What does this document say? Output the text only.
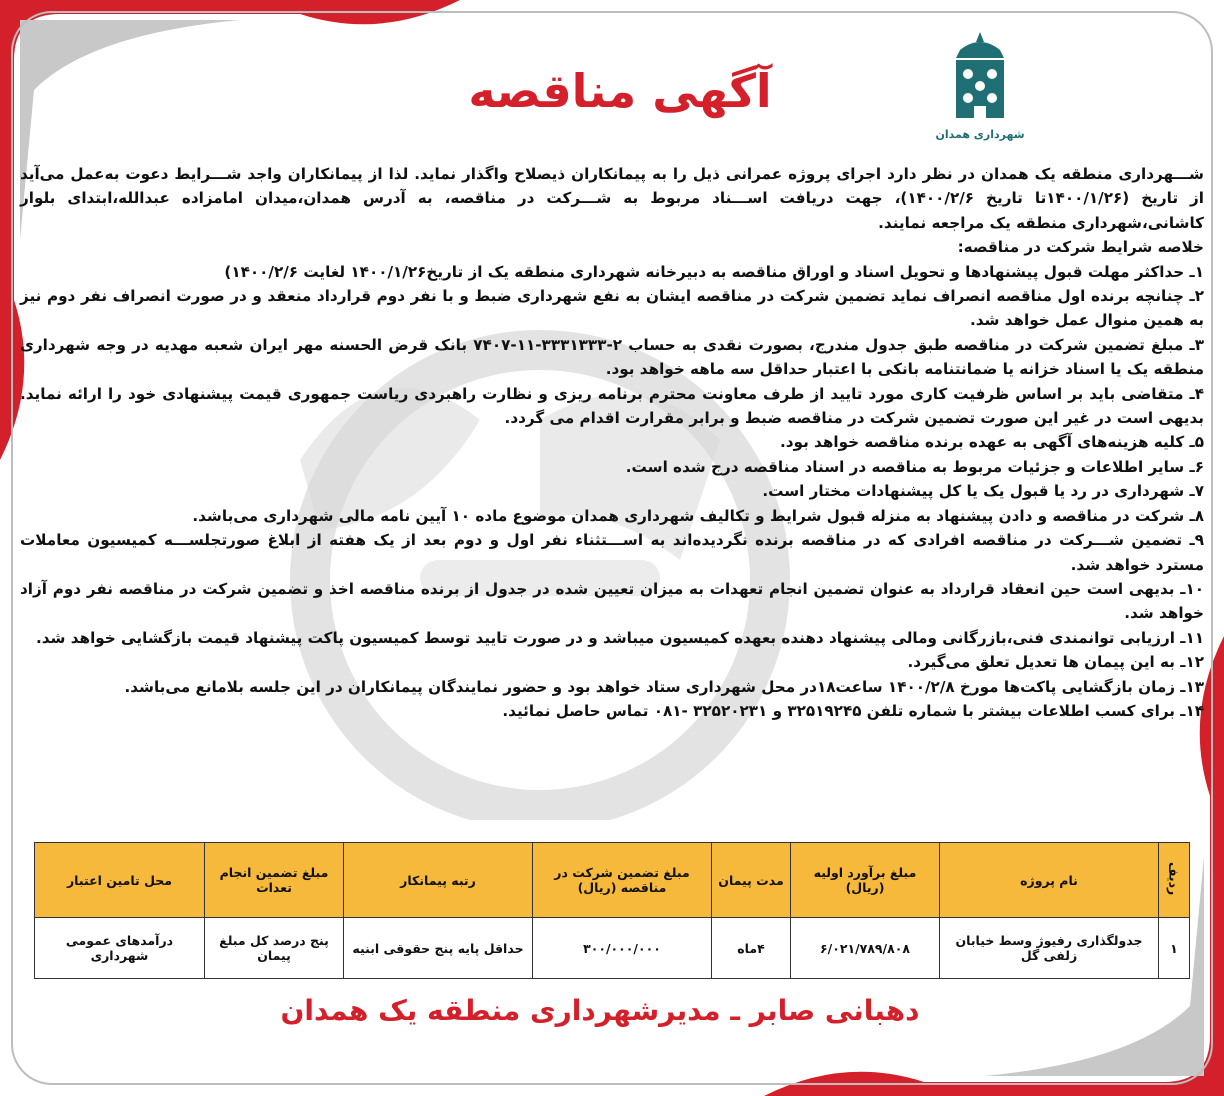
شهرداری همدان
آگهی مناقصه

شـــهرداری منطقه یک همدان در نظر دارد اجرای پروژه عمرانی ذیل را به پیمانکاران ذیصلاح واگذار نماید. لذا از پیمانکاران واجد شـــرایط دعوت به‌عمل می‌آید از تاریخ (۱۴۰۰/۱/۲۶تا تاریخ ۱۴۰۰/۲/۶)، جهت دریافت اســـناد مربوط به شـــرکت در مناقصه، به آدرس همدان،میدان امامزاده عبدالله،ابتدای بلوار کاشانی،شهرداری منطقه یک مراجعه نمایند.

خلاصه شرایط شرکت در مناقصه:

۱ـ حداکثر مهلت قبول پیشنهادها و تحویل اسناد و اوراق مناقصه به دبیرخانه شهرداری منطقه یک از تاریخ۱۴۰۰/۱/۲۶ لغایت ۱۴۰۰/۲/۶)

۲ـ چنانچه برنده اول مناقصه انصراف نماید تضمین شرکت در مناقصه ایشان به نفع شهرداری ضبط و با نفر دوم قرارداد منعقد و در صورت انصراف نفر دوم نیز به همین منوال عمل خواهد شد.

۳ـ مبلغ تضمین شرکت در مناقصه طبق جدول مندرج، بصورت نقدی به حساب ۲-۳۳۳۱۳۳۳-۱۱-۷۴۰۷ بانک قرض الحسنه مهر ایران شعبه مهدیه در وجه شهرداری منطقه یک یا اسناد خزانه یا ضمانتنامه بانکی با اعتبار حداقل سه ماهه خواهد بود.

۴ـ متقاضی باید بر اساس ظرفیت کاری مورد تایید از طرف معاونت محترم برنامه ریزی و نظارت راهبردی ریاست جمهوری قیمت پیشنهادی خود را ارائه نماید. بدیهی است در غیر این صورت تضمین شرکت در مناقصه ضبط و برابر مقرارت اقدام می گردد.

۵ـ کلیه هزینه‌های آگهی به عهده برنده مناقصه خواهد بود.

۶ـ سایر اطلاعات و جزئیات مربوط به مناقصه در اسناد مناقصه درج شده است.

۷ـ شهرداری در رد یا قبول یک یا کل پیشنهادات مختار است.

۸ـ شرکت در مناقصه و دادن پیشنهاد به منزله قبول شرایط و تکالیف شهرداری همدان موضوع ماده ۱۰ آیین نامه مالی شهرداری می‌باشد.

۹ـ تضمین شـــرکت در مناقصه افرادی که در مناقصه برنده نگردیده‌اند به اســـتثناء نفر اول و دوم بعد از یک هفته از ابلاغ صورتجلســـه کمیسیون معاملات مسترد خواهد شد.

۱۰ـ بدیهی است حین انعقاد قرارداد به عنوان تضمین انجام تعهدات به میزان تعیین شده در جدول از برنده مناقصه اخذ و تضمین شرکت در مناقصه نفر دوم آزاد خواهد شد.

۱۱ـ ارزیابی توانمندی فنی،بازرگانی ومالی پیشنهاد دهنده بعهده کمیسیون میباشد و در صورت تایید توسط کمیسیون پاکت پیشنهاد قیمت بازگشایی خواهد شد.

۱۲ـ به این پیمان ها تعدیل تعلق می‌گیرد.

۱۳ـ زمان بازگشایی پاکت‌ها مورخ ۱۴۰۰/۲/۸ ساعت۱۸در محل شهرداری ستاد خواهد بود و حضور نمایندگان پیمانکاران در این جلسه بلامانع می‌باشد.

۱۴ـ برای کسب اطلاعات بیشتر با شماره تلفن ۳۲۵۱۹۲۴۵ و ۳۲۵۲۰۲۳۱ -۰۸۱ تماس حاصل نمائید.

ردیف	نام پروژه	مبلغ برآورد اولیه (ریال)	مدت پیمان	مبلغ تضمین شرکت در مناقصه (ریال)	رتبه پیمانکار	مبلغ تضمین انجام تعدات	محل تامین اعتبار
۱	جدولگذاری رفیوژ وسط خیابان زلفی گل	۶/۰۲۱/۷۸۹/۸۰۸	۴ماه	۳۰۰/۰۰۰/۰۰۰	حداقل پایه پنج حقوقی ابنیه	پنج درصد کل مبلغ پیمان	درآمدهای عمومی شهرداری
دهبانی صابر ـ مدیرشهرداری منطقه یک همدان
